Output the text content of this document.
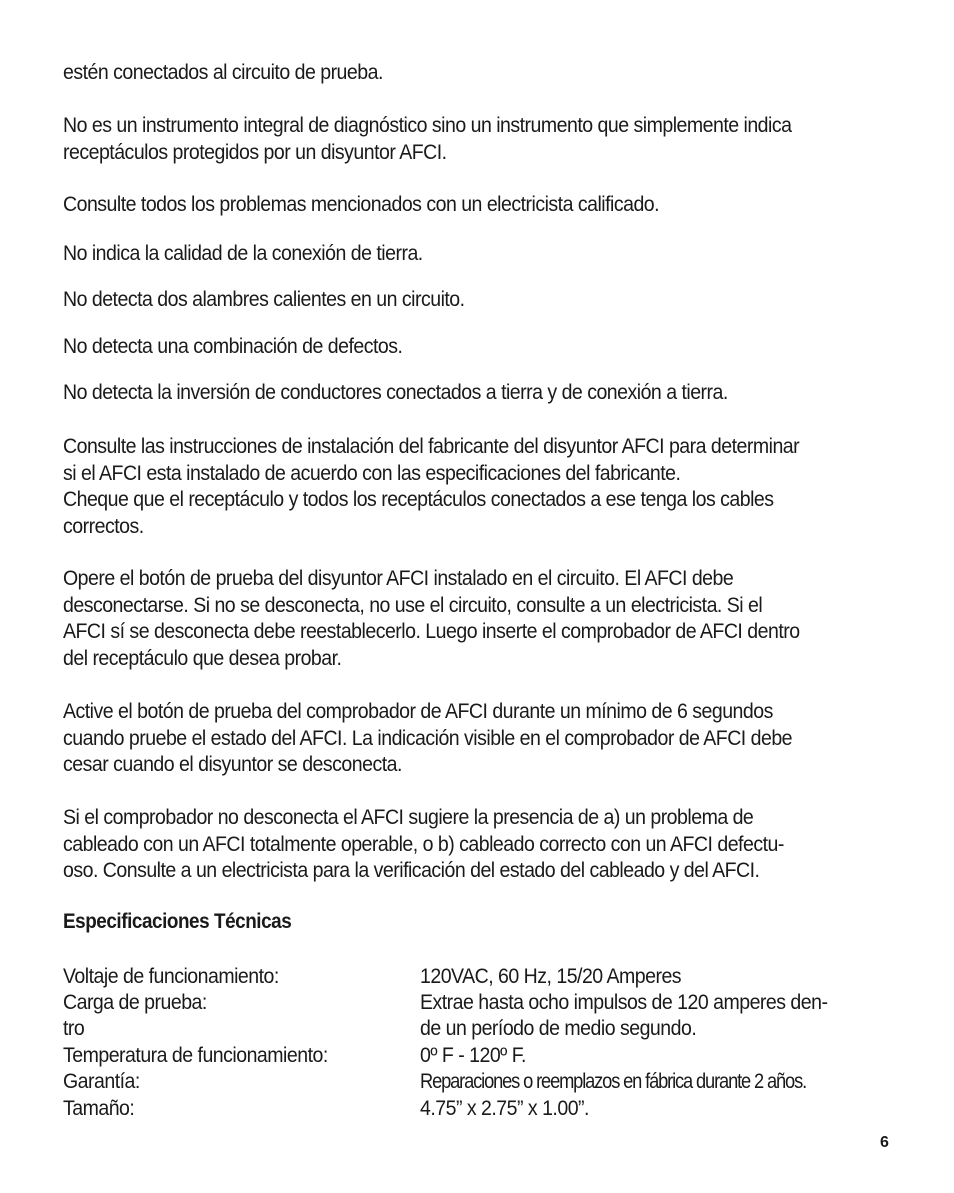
estén conectados al circuito de prueba.
No es un instrumento integral de diagnóstico sino un instrumento que simplemente indica
receptáculos protegidos por un disyuntor AFCI.
Consulte todos los problemas mencionados con un electricista calificado.
No indica la calidad de la conexión de tierra.
No detecta dos alambres calientes en un circuito.
No detecta una combinación de defectos.
No detecta la inversión de conductores conectados a tierra y de conexión a tierra.
Consulte las instrucciones de instalación del fabricante del disyuntor AFCI para determinar
si el AFCI esta instalado de acuerdo con las especificaciones del fabricante.
Cheque que el receptáculo y todos los receptáculos conectados a ese tenga los cables
correctos.
Opere el botón de prueba del disyuntor AFCI instalado en el circuito. El AFCI debe
desconectarse. Si no se desconecta, no use el circuito, consulte a un electricista. Si el
AFCI sí se desconecta debe reestablecerlo. Luego inserte el comprobador de AFCI dentro
del receptáculo que desea probar.
Active el botón de prueba del comprobador de AFCI durante un mínimo de 6 segundos
cuando pruebe el estado del AFCI. La indicación visible en el comprobador de AFCI debe
cesar cuando el disyuntor se desconecta.
Si el comprobador no desconecta el AFCI sugiere la presencia de a) un problema de
cableado con un AFCI totalmente operable, o b) cableado correcto con un AFCI defectu-
oso. Consulte a un electricista para la verificación del estado del cableado y del AFCI.
Especificaciones Técnicas
Voltaje de funcionamiento:	120VAC, 60 Hz, 15/20 Amperes
Carga de prueba:	Extrae hasta ocho impulsos de 120 amperes den-
tro	de un período de medio segundo.
Temperatura de funcionamiento:	0º F - 120º F.
Garantía:	Reparaciones o reemplazos en fábrica durante 2 años.
Tamaño:	4.75” x 2.75” x 1.00”.
6
